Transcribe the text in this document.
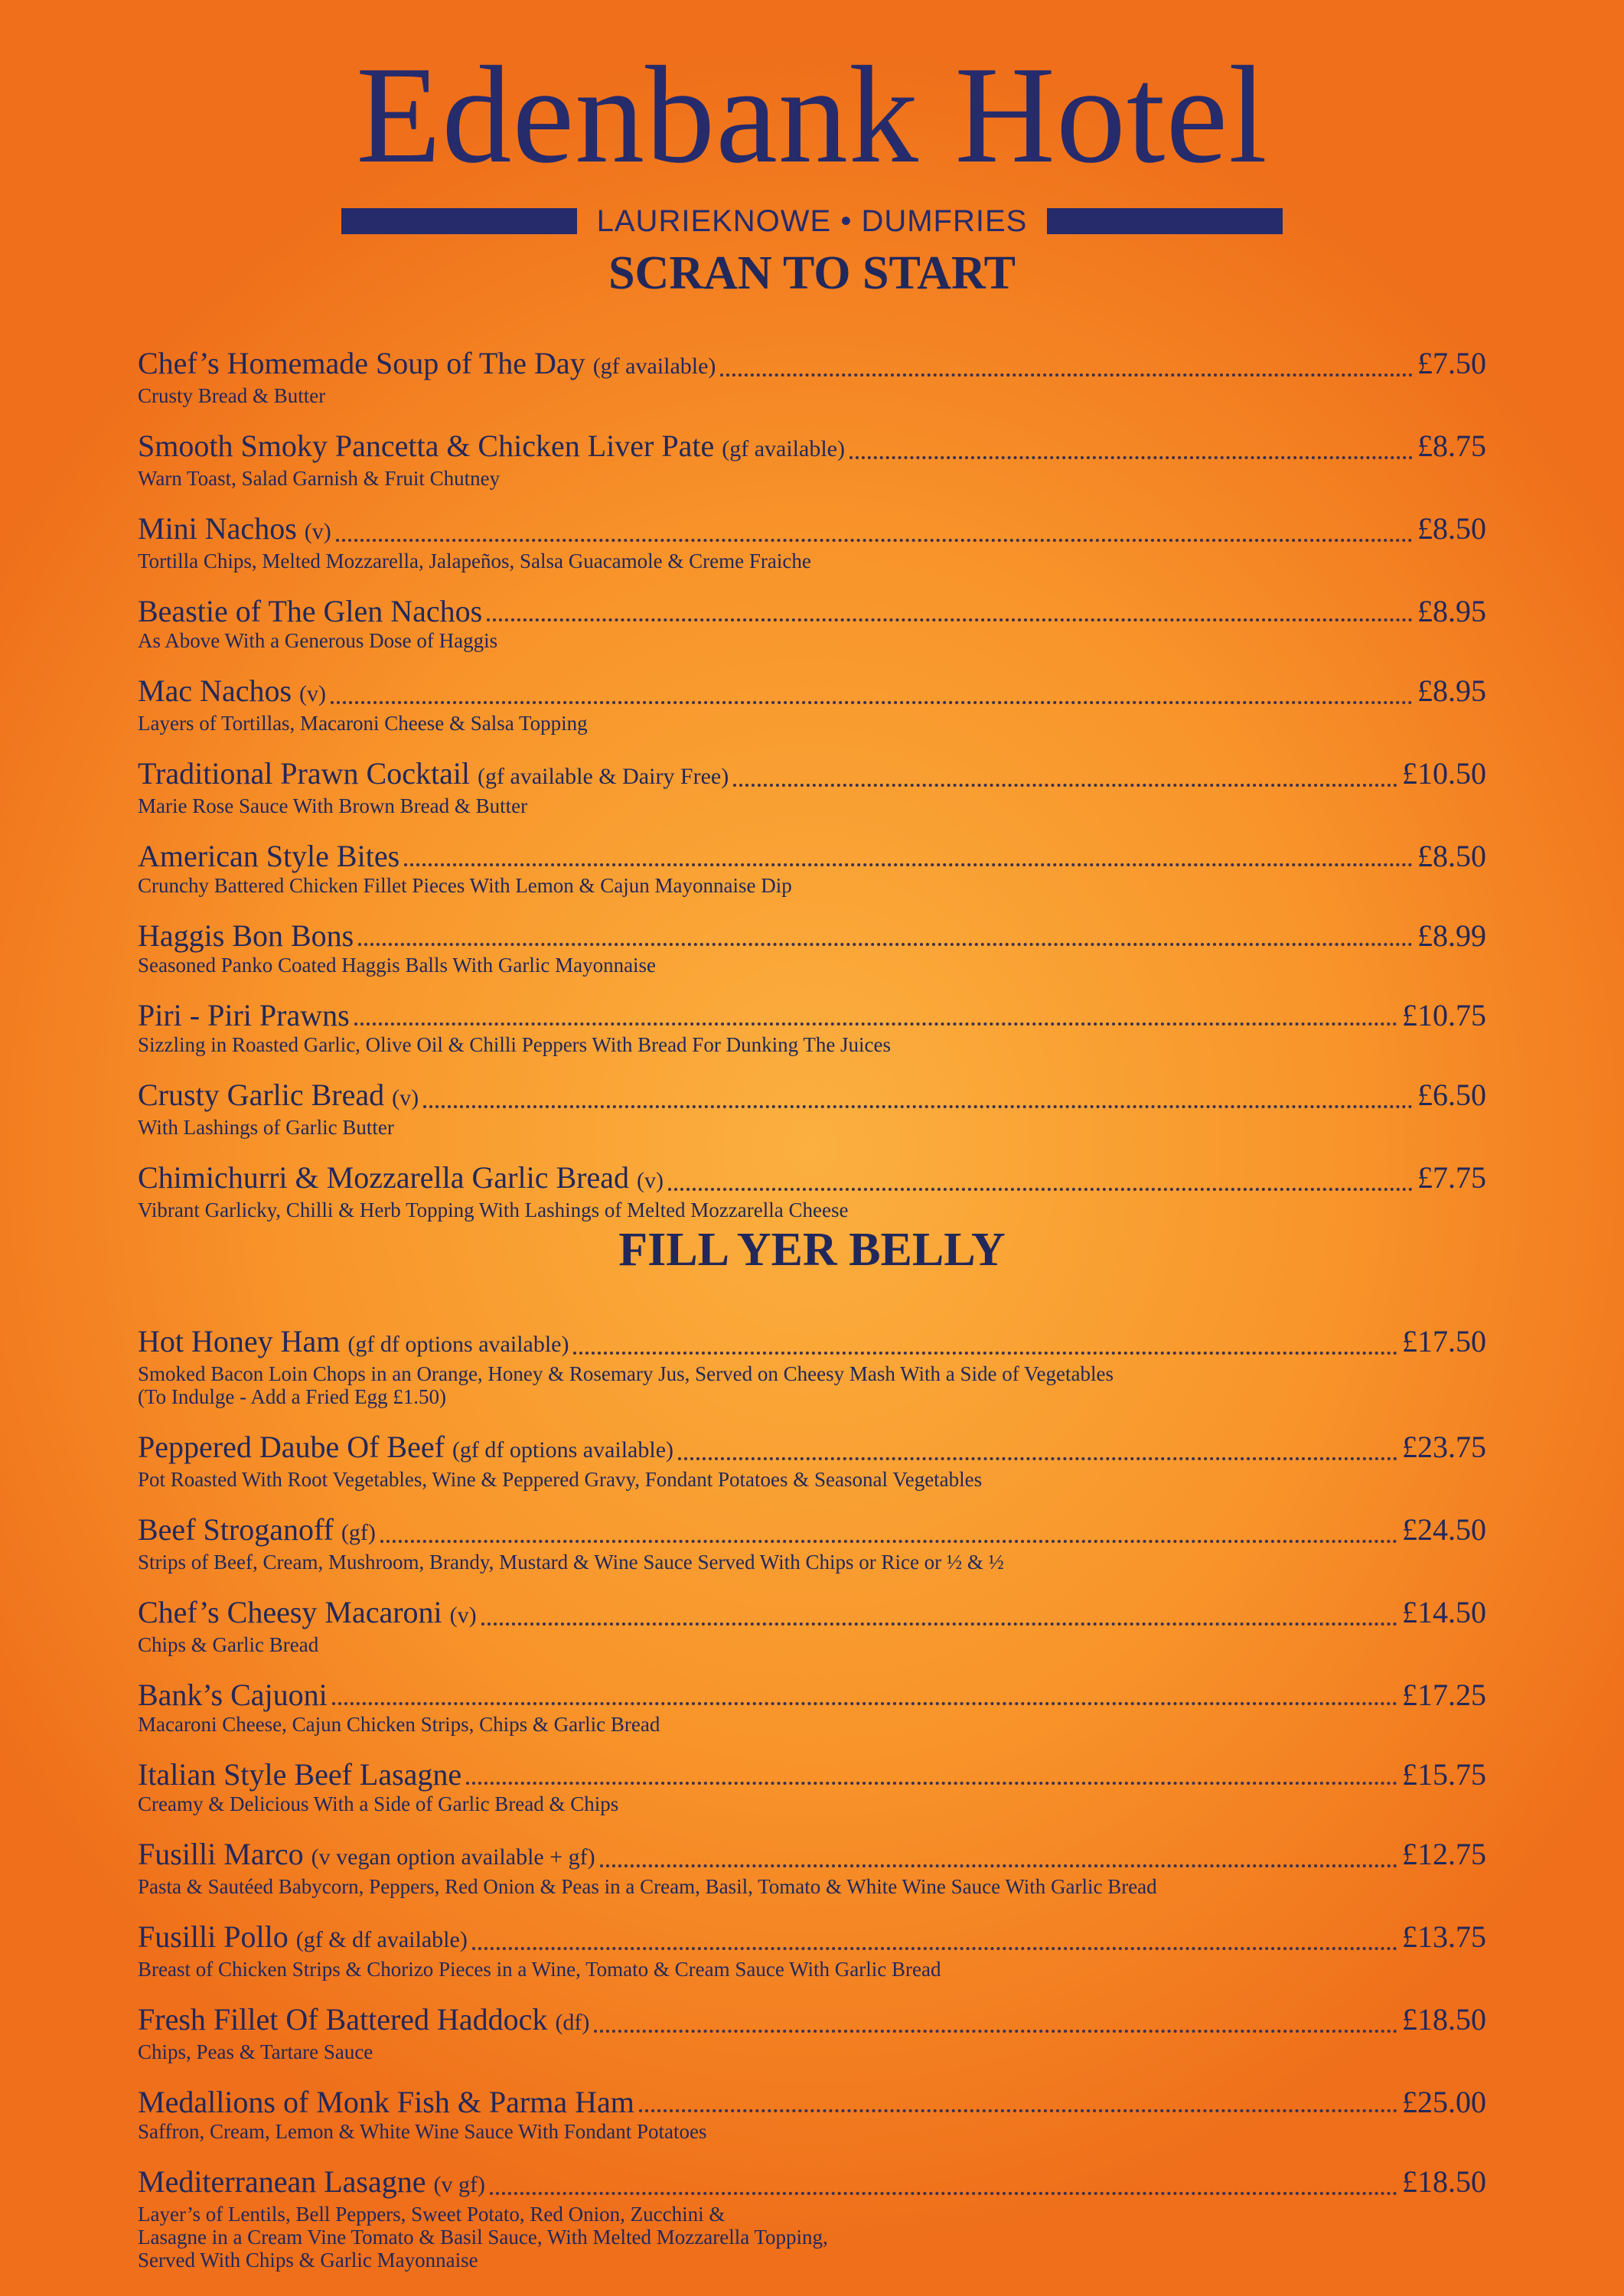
Edenbank Hotel
LAURIEKNOWE • DUMFRIES
SCRAN TO START
Chef’s Homemade Soup of The Day (gf available)	£7.50
Crusty Bread & Butter
Smooth Smoky Pancetta & Chicken Liver Pate (gf available)	£8.75
Warn Toast, Salad Garnish & Fruit Chutney
Mini Nachos (v)	£8.50
Tortilla Chips, Melted Mozzarella, Jalapeños, Salsa Guacamole & Creme Fraiche
Beastie of The Glen Nachos	£8.95
As Above With a Generous Dose of Haggis
Mac Nachos (v)	£8.95
Layers of Tortillas, Macaroni Cheese & Salsa Topping
Traditional Prawn Cocktail (gf available & Dairy Free)	£10.50
Marie Rose Sauce With Brown Bread & Butter
American Style Bites	£8.50
Crunchy Battered Chicken Fillet Pieces With Lemon & Cajun Mayonnaise Dip
Haggis Bon Bons	£8.99
Seasoned Panko Coated Haggis Balls With Garlic Mayonnaise
Piri - Piri Prawns	£10.75
Sizzling in Roasted Garlic, Olive Oil & Chilli Peppers With Bread For Dunking The Juices
Crusty Garlic Bread (v)	£6.50
With Lashings of Garlic Butter
Chimichurri & Mozzarella Garlic Bread (v)	£7.75
Vibrant Garlicky, Chilli & Herb Topping With Lashings of Melted Mozzarella Cheese
FILL YER BELLY
Hot Honey Ham (gf df options available)	£17.50
Smoked Bacon Loin Chops in an Orange, Honey & Rosemary Jus, Served on Cheesy Mash With a Side of Vegetables
(To Indulge - Add a Fried Egg £1.50)
Peppered Daube Of Beef (gf df options available)	£23.75
Pot Roasted With Root Vegetables, Wine & Peppered Gravy, Fondant Potatoes & Seasonal Vegetables
Beef Stroganoff (gf)	£24.50
Strips of Beef, Cream, Mushroom, Brandy, Mustard & Wine Sauce Served With Chips or Rice or ½ & ½
Chef’s Cheesy Macaroni (v)	£14.50
Chips & Garlic Bread
Bank’s Cajuoni	£17.25
Macaroni Cheese, Cajun Chicken Strips, Chips & Garlic Bread
Italian Style Beef Lasagne	£15.75
Creamy & Delicious With a Side of Garlic Bread & Chips
Fusilli Marco (v vegan option available + gf)	£12.75
Pasta & Sautéed Babycorn, Peppers, Red Onion & Peas in a Cream, Basil, Tomato & White Wine Sauce With Garlic Bread
Fusilli Pollo (gf & df available)	£13.75
Breast of Chicken Strips & Chorizo Pieces in a Wine, Tomato & Cream Sauce With Garlic Bread
Fresh Fillet Of Battered Haddock (df)	£18.50
Chips, Peas & Tartare Sauce
Medallions of Monk Fish & Parma Ham	£25.00
Saffron, Cream, Lemon & White Wine Sauce With Fondant Potatoes
Mediterranean Lasagne (v gf)	£18.50
Layer’s of Lentils, Bell Peppers, Sweet Potato, Red Onion, Zucchini &
Lasagne in a Cream Vine Tomato & Basil Sauce, With Melted Mozzarella Topping,
Served With Chips & Garlic Mayonnaise
